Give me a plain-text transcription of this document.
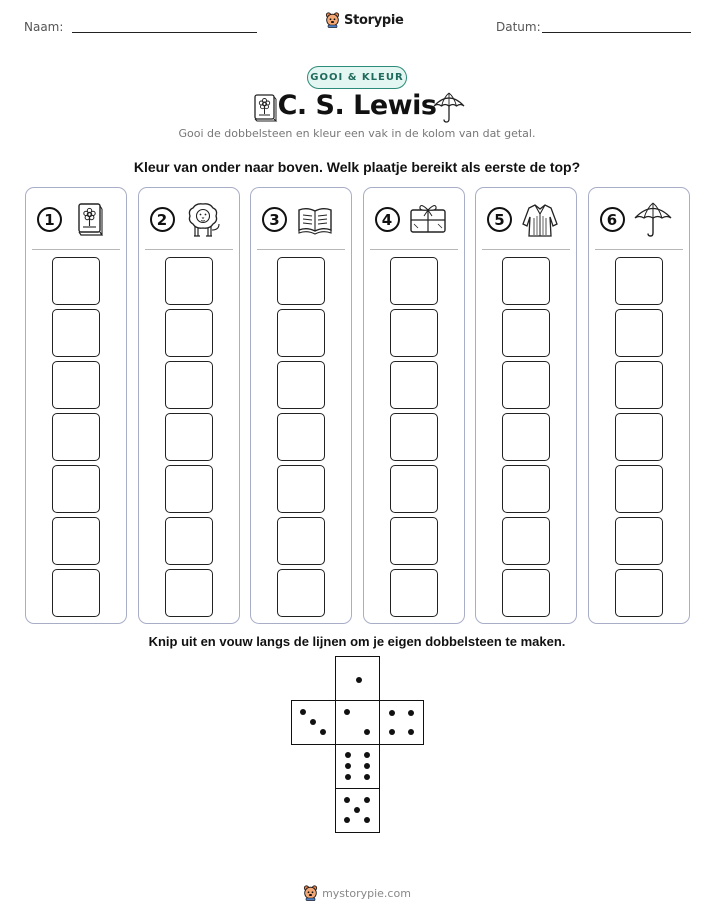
Naam:	Storypie	Datum:
GOOI & KLEUR
C. S. Lewis
Gooi de dobbelsteen en kleur een vak in de kolom van dat getal.
Kleur van onder naar boven. Welk plaatje bereikt als eerste de top?
1	2	3	4	5	6
Knip uit en vouw langs de lijnen om je eigen dobbelsteen te maken.
mystorypie.com
